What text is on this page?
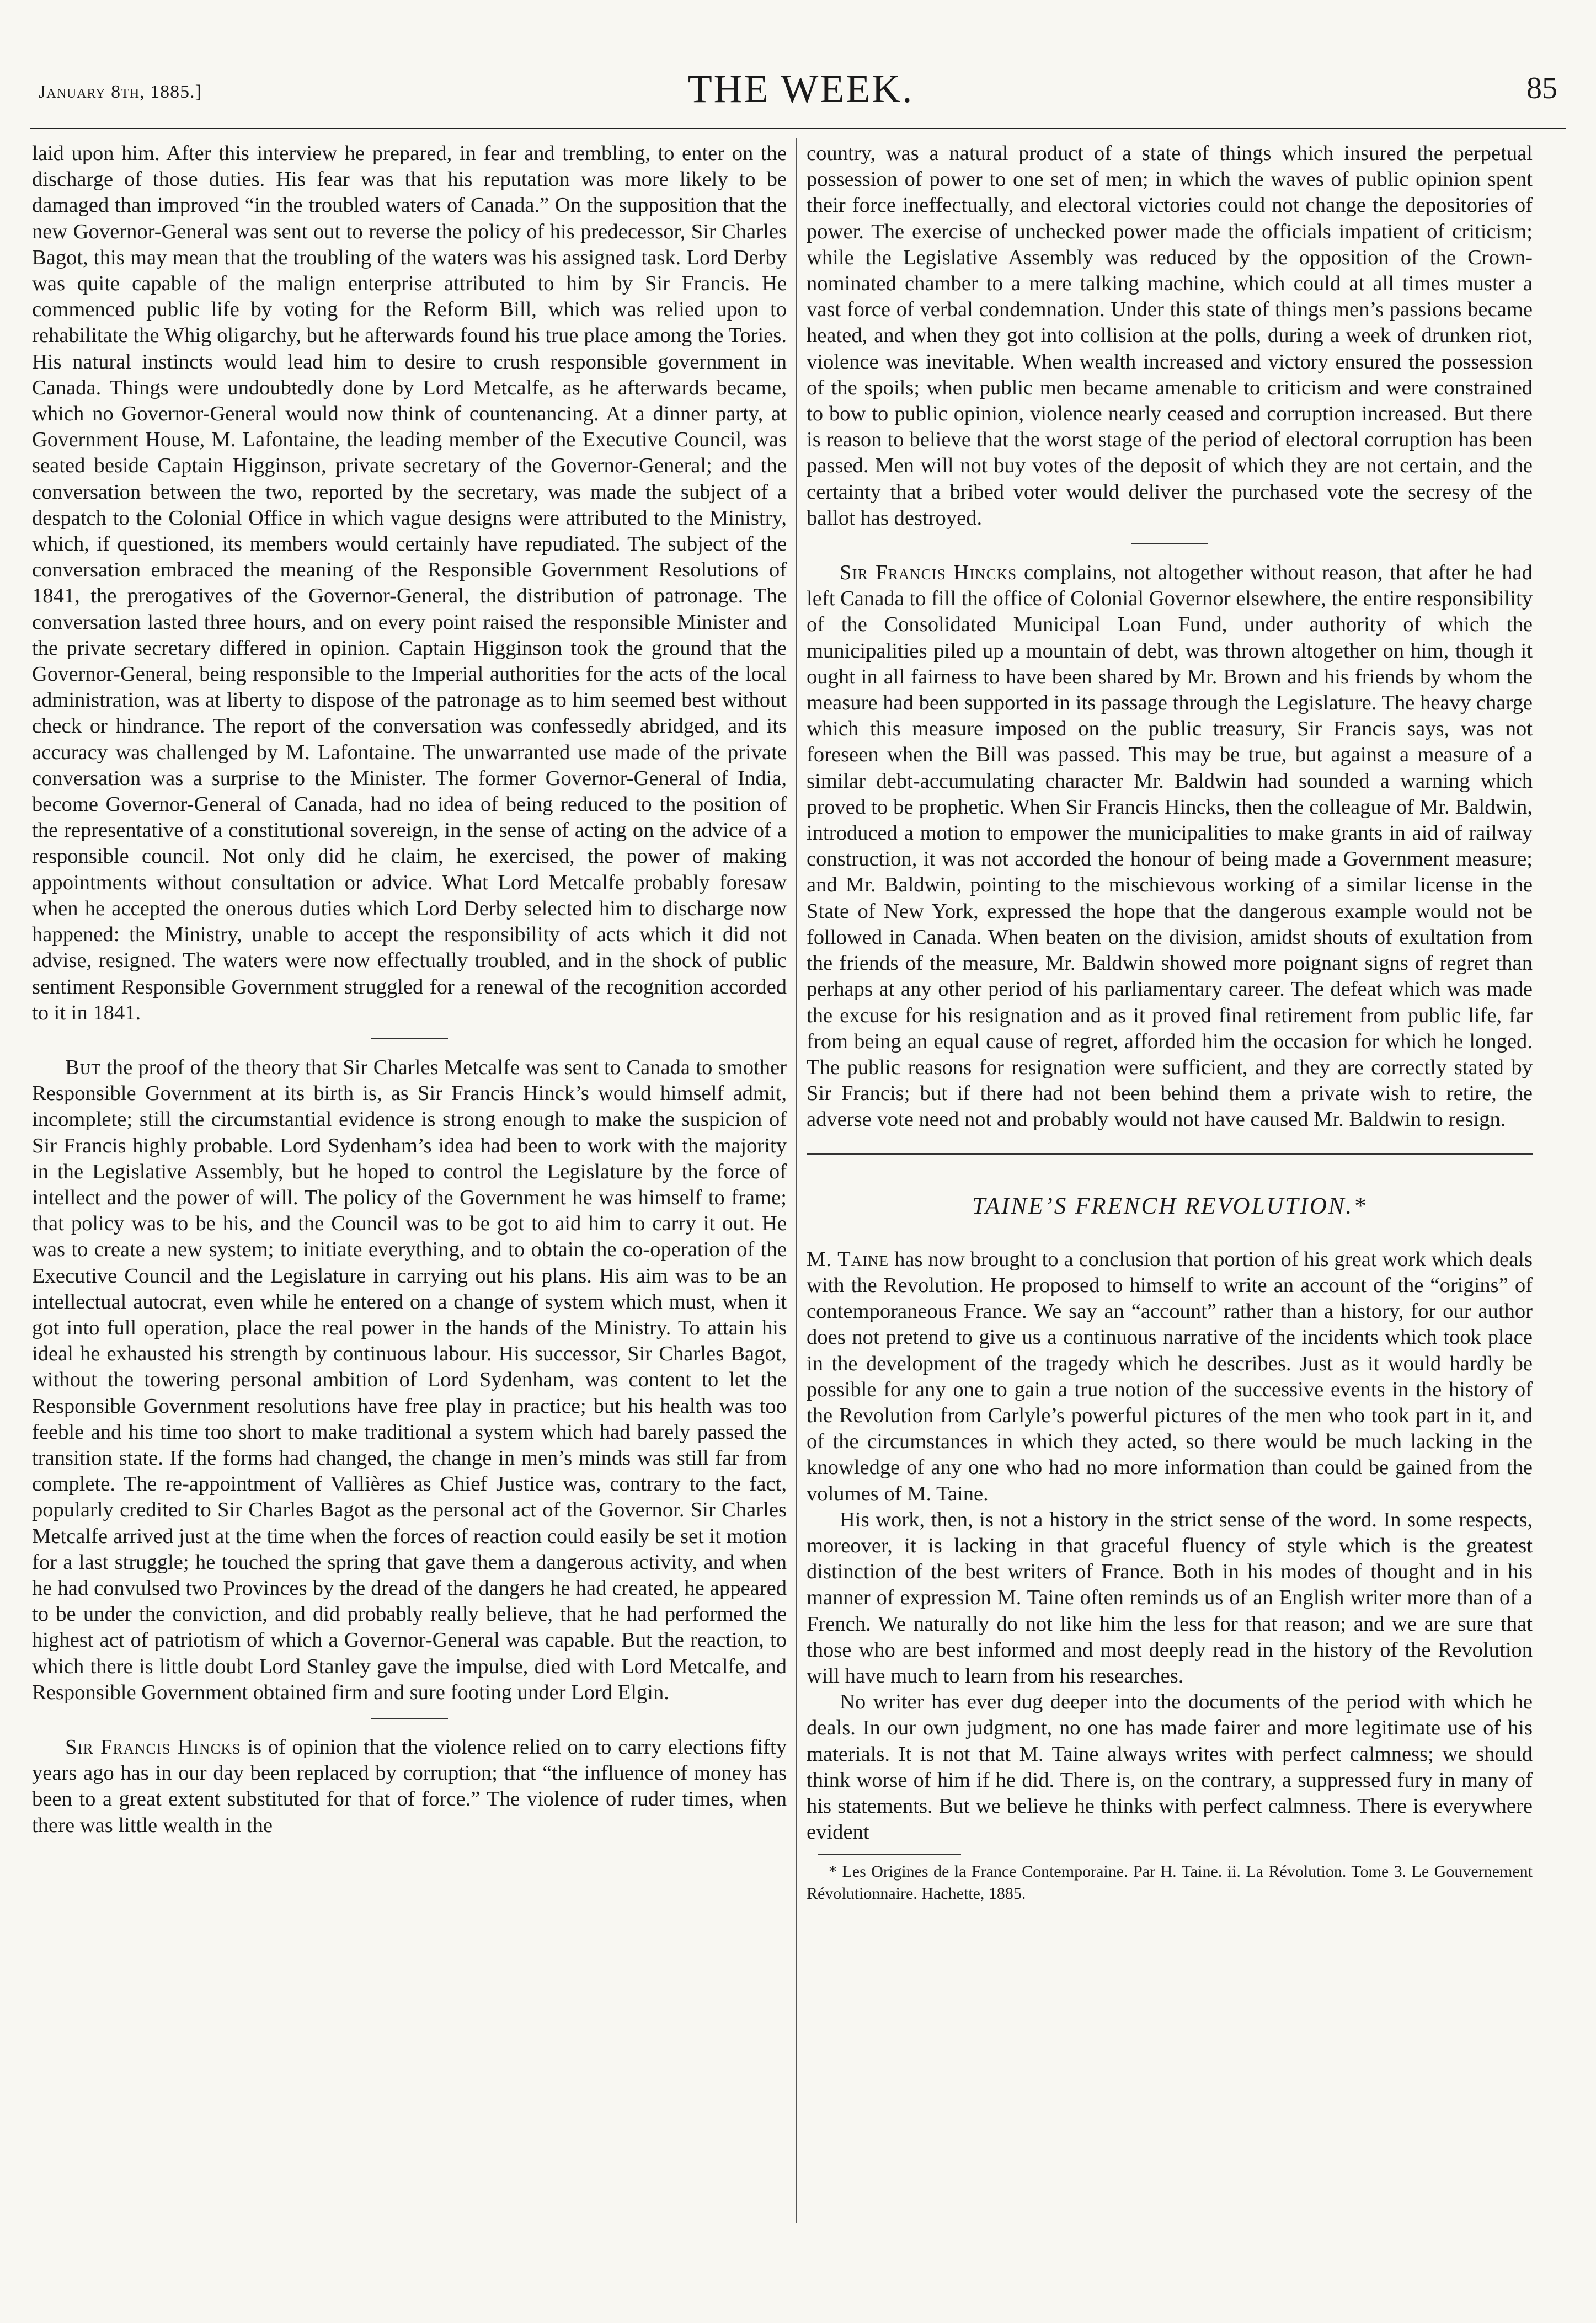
January 8th, 1885.]	THE WEEK.	85

laid upon him. After this interview he prepared, in fear and trembling, to enter on the discharge of those duties. His fear was that his reputation was more likely to be damaged than improved “in the troubled waters of Canada.” On the supposition that the new Governor-General was sent out to reverse the policy of his predecessor, Sir Charles Bagot, this may mean that the troubling of the waters was his assigned task. Lord Derby was quite capable of the malign enterprise attributed to him by Sir Francis. He commenced public life by voting for the Reform Bill, which was relied upon to rehabilitate the Whig oligarchy, but he afterwards found his true place among the Tories. His natural instincts would lead him to desire to crush responsible government in Canada. Things were undoubtedly done by Lord Metcalfe, as he afterwards became, which no Governor-General would now think of countenancing. At a dinner party, at Government House, M. Lafontaine, the leading member of the Executive Council, was seated beside Captain Higginson, private secretary of the Governor-General; and the conversation between the two, reported by the secretary, was made the subject of a despatch to the Colonial Office in which vague designs were attributed to the Ministry, which, if questioned, its members would certainly have repudiated. The subject of the conversation embraced the meaning of the Responsible Government Resolutions of 1841, the prerogatives of the Governor-General, the distribution of patronage. The conversation lasted three hours, and on every point raised the responsible Minister and the private secretary differed in opinion. Captain Higginson took the ground that the Governor-General, being responsible to the Imperial authorities for the acts of the local administration, was at liberty to dispose of the patronage as to him seemed best without check or hindrance. The report of the conversation was confessedly abridged, and its accuracy was challenged by M. Lafontaine. The unwarranted use made of the private conversation was a surprise to the Minister. The former Governor-General of India, become Governor-General of Canada, had no idea of being reduced to the position of the representative of a constitutional sovereign, in the sense of acting on the advice of a responsible council. Not only did he claim, he exercised, the power of making appointments without consultation or advice. What Lord Metcalfe probably foresaw when he accepted the onerous duties which Lord Derby selected him to discharge now happened: the Ministry, unable to accept the responsibility of acts which it did not advise, resigned. The waters were now effectually troubled, and in the shock of public sentiment Responsible Government struggled for a renewal of the recognition accorded to it in 1841.

But the proof of the theory that Sir Charles Metcalfe was sent to Canada to smother Responsible Government at its birth is, as Sir Francis Hinck’s would himself admit, incomplete; still the circumstantial evidence is strong enough to make the suspicion of Sir Francis highly probable. Lord Sydenham’s idea had been to work with the majority in the Legislative Assembly, but he hoped to control the Legislature by the force of intellect and the power of will. The policy of the Government he was himself to frame; that policy was to be his, and the Council was to be got to aid him to carry it out. He was to create a new system; to initiate everything, and to obtain the co-operation of the Executive Council and the Legislature in carrying out his plans. His aim was to be an intellectual autocrat, even while he entered on a change of system which must, when it got into full operation, place the real power in the hands of the Ministry. To attain his ideal he exhausted his strength by continuous labour. His successor, Sir Charles Bagot, without the towering personal ambition of Lord Sydenham, was content to let the Responsible Government resolutions have free play in practice; but his health was too feeble and his time too short to make traditional a system which had barely passed the transition state. If the forms had changed, the change in men’s minds was still far from complete. The re-appointment of Vallières as Chief Justice was, contrary to the fact, popularly credited to Sir Charles Bagot as the personal act of the Governor. Sir Charles Metcalfe arrived just at the time when the forces of reaction could easily be set it motion for a last struggle; he touched the spring that gave them a dangerous activity, and when he had convulsed two Provinces by the dread of the dangers he had created, he appeared to be under the conviction, and did probably really believe, that he had performed the highest act of patriotism of which a Governor-General was capable. But the reaction, to which there is little doubt Lord Stanley gave the impulse, died with Lord Metcalfe, and Responsible Government obtained firm and sure footing under Lord Elgin.

Sir Francis Hincks is of opinion that the violence relied on to carry elections fifty years ago has in our day been replaced by corruption; that “the influence of money has been to a great extent substituted for that of force.” The violence of ruder times, when there was little wealth in the

country, was a natural product of a state of things which insured the perpetual possession of power to one set of men; in which the waves of public opinion spent their force ineffectually, and electoral victories could not change the depositories of power. The exercise of unchecked power made the officials impatient of criticism; while the Legislative Assembly was reduced by the opposition of the Crown-nominated chamber to a mere talking machine, which could at all times muster a vast force of verbal condemnation. Under this state of things men’s passions became heated, and when they got into collision at the polls, during a week of drunken riot, violence was inevitable. When wealth increased and victory ensured the possession of the spoils; when public men became amenable to criticism and were constrained to bow to public opinion, violence nearly ceased and corruption increased. But there is reason to believe that the worst stage of the period of electoral corruption has been passed. Men will not buy votes of the deposit of which they are not certain, and the certainty that a bribed voter would deliver the purchased vote the secresy of the ballot has destroyed.

Sir Francis Hincks complains, not altogether without reason, that after he had left Canada to fill the office of Colonial Governor elsewhere, the entire responsibility of the Consolidated Municipal Loan Fund, under authority of which the municipalities piled up a mountain of debt, was thrown altogether on him, though it ought in all fairness to have been shared by Mr. Brown and his friends by whom the measure had been supported in its passage through the Legislature. The heavy charge which this measure imposed on the public treasury, Sir Francis says, was not foreseen when the Bill was passed. This may be true, but against a measure of a similar debt-accumulating character Mr. Baldwin had sounded a warning which proved to be prophetic. When Sir Francis Hincks, then the colleague of Mr. Baldwin, introduced a motion to empower the municipalities to make grants in aid of railway construction, it was not accorded the honour of being made a Government measure; and Mr. Baldwin, pointing to the mischievous working of a similar license in the State of New York, expressed the hope that the dangerous example would not be followed in Canada. When beaten on the division, amidst shouts of exultation from the friends of the measure, Mr. Baldwin showed more poignant signs of regret than perhaps at any other period of his parliamentary career. The defeat which was made the excuse for his resignation and as it proved final retirement from public life, far from being an equal cause of regret, afforded him the occasion for which he longed. The public reasons for resignation were sufficient, and they are correctly stated by Sir Francis; but if there had not been behind them a private wish to retire, the adverse vote need not and probably would not have caused Mr. Baldwin to resign.

TAINE’S FRENCH REVOLUTION.*

M. Taine has now brought to a conclusion that portion of his great work which deals with the Revolution. He proposed to himself to write an account of the “origins” of contemporaneous France. We say an “account” rather than a history, for our author does not pretend to give us a continuous narrative of the incidents which took place in the development of the tragedy which he describes. Just as it would hardly be possible for any one to gain a true notion of the successive events in the history of the Revolution from Carlyle’s powerful pictures of the men who took part in it, and of the circumstances in which they acted, so there would be much lacking in the knowledge of any one who had no more information than could be gained from the volumes of M. Taine.

His work, then, is not a history in the strict sense of the word. In some respects, moreover, it is lacking in that graceful fluency of style which is the greatest distinction of the best writers of France. Both in his modes of thought and in his manner of expression M. Taine often reminds us of an English writer more than of a French. We naturally do not like him the less for that reason; and we are sure that those who are best informed and most deeply read in the history of the Revolution will have much to learn from his researches.

No writer has ever dug deeper into the documents of the period with which he deals. In our own judgment, no one has made fairer and more legitimate use of his materials. It is not that M. Taine always writes with perfect calmness; we should think worse of him if he did. There is, on the contrary, a suppressed fury in many of his statements. But we believe he thinks with perfect calmness. There is everywhere evident

* Les Origines de la France Contemporaine. Par H. Taine. ii. La Révolution. Tome 3. Le Gouvernement Révolutionnaire. Hachette, 1885.
